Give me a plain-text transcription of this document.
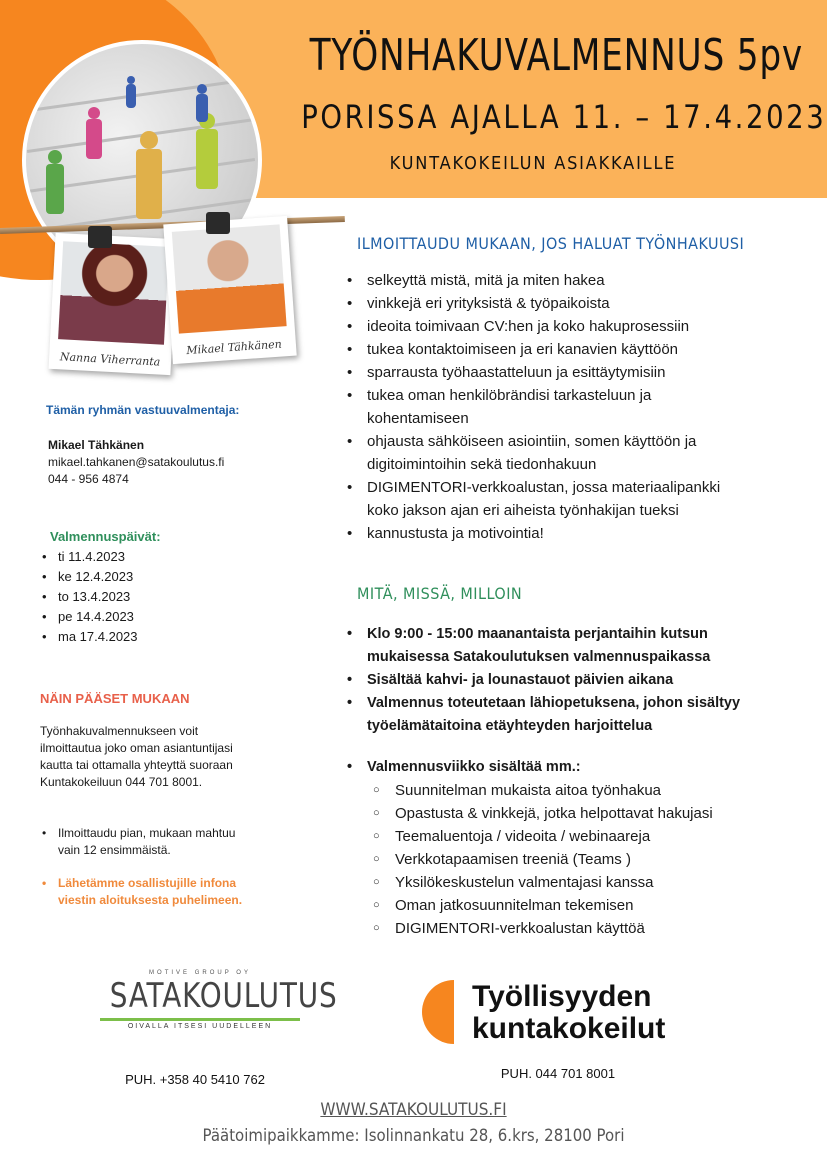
TYÖNHAKUVALMENNUS 5pv
PORISSA AJALLA 11. – 17.4.2023
KUNTAKOKEILUN ASIAKKAILLE
Nanna Viherranta
Mikael Tähkänen
Tämän ryhmän vastuuvalmentaja:
Mikael Tähkänen
mikael.tahkanen@satakoulutus.fi
044 - 956 4874
Valmennuspäivät:
• ti 11.4.2023
• ke 12.4.2023
• to 13.4.2023
• pe 14.4.2023
• ma 17.4.2023
NÄIN PÄÄSET MUKAAN
Työnhakuvalmennukseen voit ilmoittautua joko oman asiantuntijasi kautta tai ottamalla yhteyttä suoraan Kuntakokeiluun 044 701 8001.
• Ilmoittaudu pian, mukaan mahtuu vain 12 ensimmäistä.
• Lähetämme osallistujille infona viestin aloituksesta puhelimeen.
ILMOITTAUDU MUKAAN, JOS HALUAT TYÖNHAKUUSI
• selkeyttä mistä, mitä ja miten hakea
• vinkkejä eri yrityksistä & työpaikoista
• ideoita toimivaan CV:hen ja koko hakuprosessiin
• tukea kontaktoimiseen ja eri kanavien käyttöön
• sparrausta työhaastatteluun ja esittäytymisiin
• tukea oman henkilöbrändisi tarkasteluun ja kohentamiseen
• ohjausta sähköiseen asiointiin, somen käyttöön ja digitoimintoihin sekä tiedonhakuun
• DIGIMENTORI-verkkoalustan, jossa materiaalipankki koko jakson ajan eri aiheista työnhakijan tueksi
• kannustusta ja motivointia!
MITÄ, MISSÄ, MILLOIN
• Klo 9:00 - 15:00 maanantaista perjantaihin kutsun mukaisessa Satakoulutuksen valmennuspaikassa
• Sisältää kahvi- ja lounastauot päivien aikana
• Valmennus toteutetaan lähiopetuksena, johon sisältyy työelämätaitoina etäyhteyden harjoittelua
• Valmennusviikko sisältää mm.:
○ Suunnitelman mukaista aitoa työnhakua
○ Opastusta & vinkkejä, jotka helpottavat hakujasi
○ Teemaluentoja / videoita / webinaareja
○ Verkkotapaamisen treeniä (Teams )
○ Yksilökeskustelun valmentajasi kanssa
○ Oman jatkosuunnitelman tekemisen
○ DIGIMENTORI-verkkoalustan käyttöä
MOTIVE GROUP OY
SATAKOULUTUS
OIVALLA ITSESI UUDELLEEN
PUH. +358 40 5410 762
Työllisyyden
kuntakokeilut
PUH. 044 701 8001
WWW.SATAKOULUTUS.FI
Päätoimipaikkamme: Isolinnankatu 28, 6.krs, 28100 Pori
